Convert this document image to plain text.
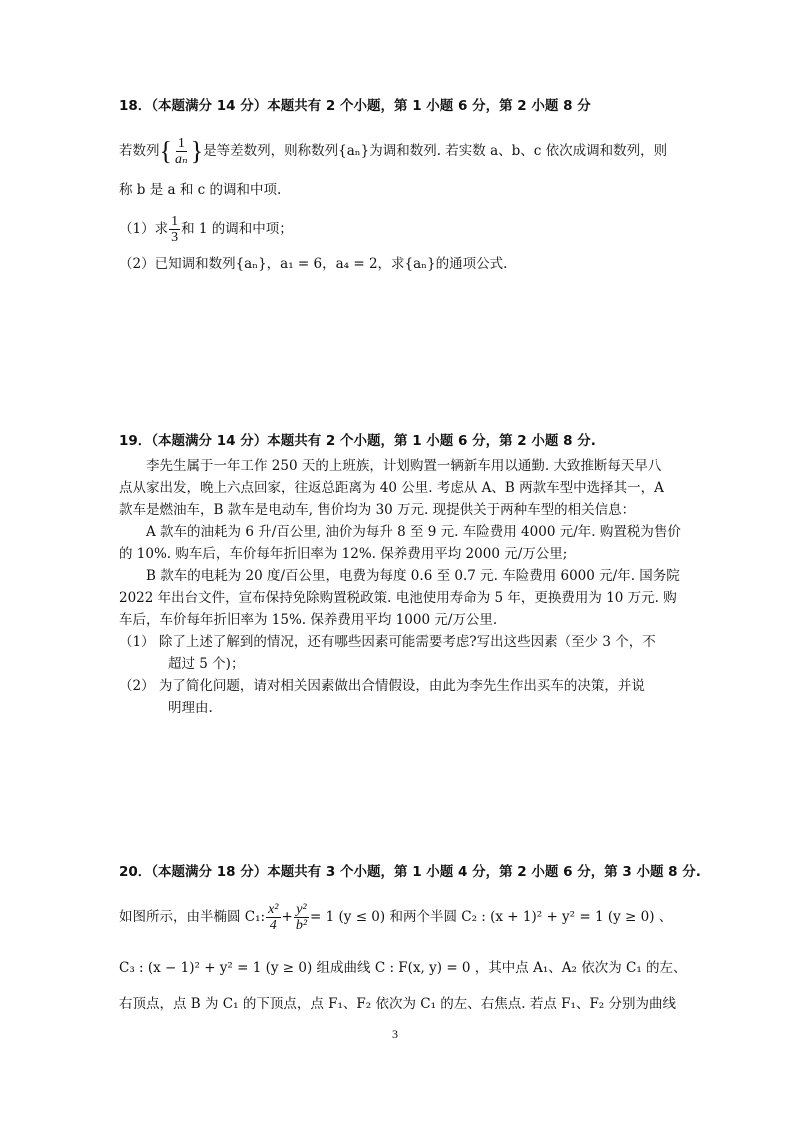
18．（本题满分 14 分）本题共有 2 个小题，第 1 小题 6 分，第 2 小题 8 分
若数列{ $\frac{1}{\text{aₙ}}$ }是等差数列，则称数列{aₙ}为调和数列. 若实数 a、b、c 依次成调和数列，则
称 b 是 a 和 c 的调和中项.
（1）求 $\frac{1}{3}$ 和 1 的调和中项；
（2）已知调和数列{aₙ}，a₁ = 6，a₄ = 2，求{aₙ}的通项公式.
19．（本题满分 14 分）本题共有 2 个小题，第 1 小题 6 分，第 2 小题 8 分.
李先生属于一年工作 250 天的上班族，计划购置一辆新车用以通勤. 大致推断每天早八
点从家出发，晚上六点回家，往返总距离为 40 公里. 考虑从 A、B 两款车型中选择其一，A
款车是燃油车，B 款车是电动车, 售价均为 30 万元. 现提供关于两种车型的相关信息：
A 款车的油耗为 6 升/百公里, 油价为每升 8 至 9 元. 车险费用 4000 元/年. 购置税为售价
的 10%. 购车后，车价每年折旧率为 12%. 保养费用平均 2000 元/万公里;
B 款车的电耗为 20 度/百公里，电费为每度 0.6 至 0.7 元. 车险费用 6000 元/年. 国务院
2022 年出台文件，宣布保持免除购置税政策. 电池使用寿命为 5 年，更换费用为 10 万元. 购
车后，车价每年折旧率为 15%. 保养费用平均 1000 元/万公里.
（1） 除了上述了解到的情况，还有哪些因素可能需要考虑?写出这些因素（至少 3 个，不
超过 5 个)；
（2） 为了简化问题，请对相关因素做出合情假设，由此为李先生作出买车的决策，并说
明理由.
20．（本题满分 18 分）本题共有 3 个小题，第 1 小题 4 分，第 2 小题 6 分，第 3 小题 8 分.
如图所示，由半椭圆 C₁: $\frac{\text{x²}}{4} + \frac{\text{y²}}{\text{b²}} = 1$ (y ≤ 0) 和两个半圆 C₂ : (x + 1)² + y² = 1 (y ≥ 0) 、
C₃ : (x − 1)² + y² = 1 (y ≥ 0) 组成曲线 C : F(x, y) = 0 ，其中点 A₁、A₂ 依次为 C₁ 的左、
右顶点，点 B 为 C₁ 的下顶点，点 F₁、F₂ 依次为 C₁ 的左、右焦点. 若点 F₁、F₂ 分别为曲线
3
